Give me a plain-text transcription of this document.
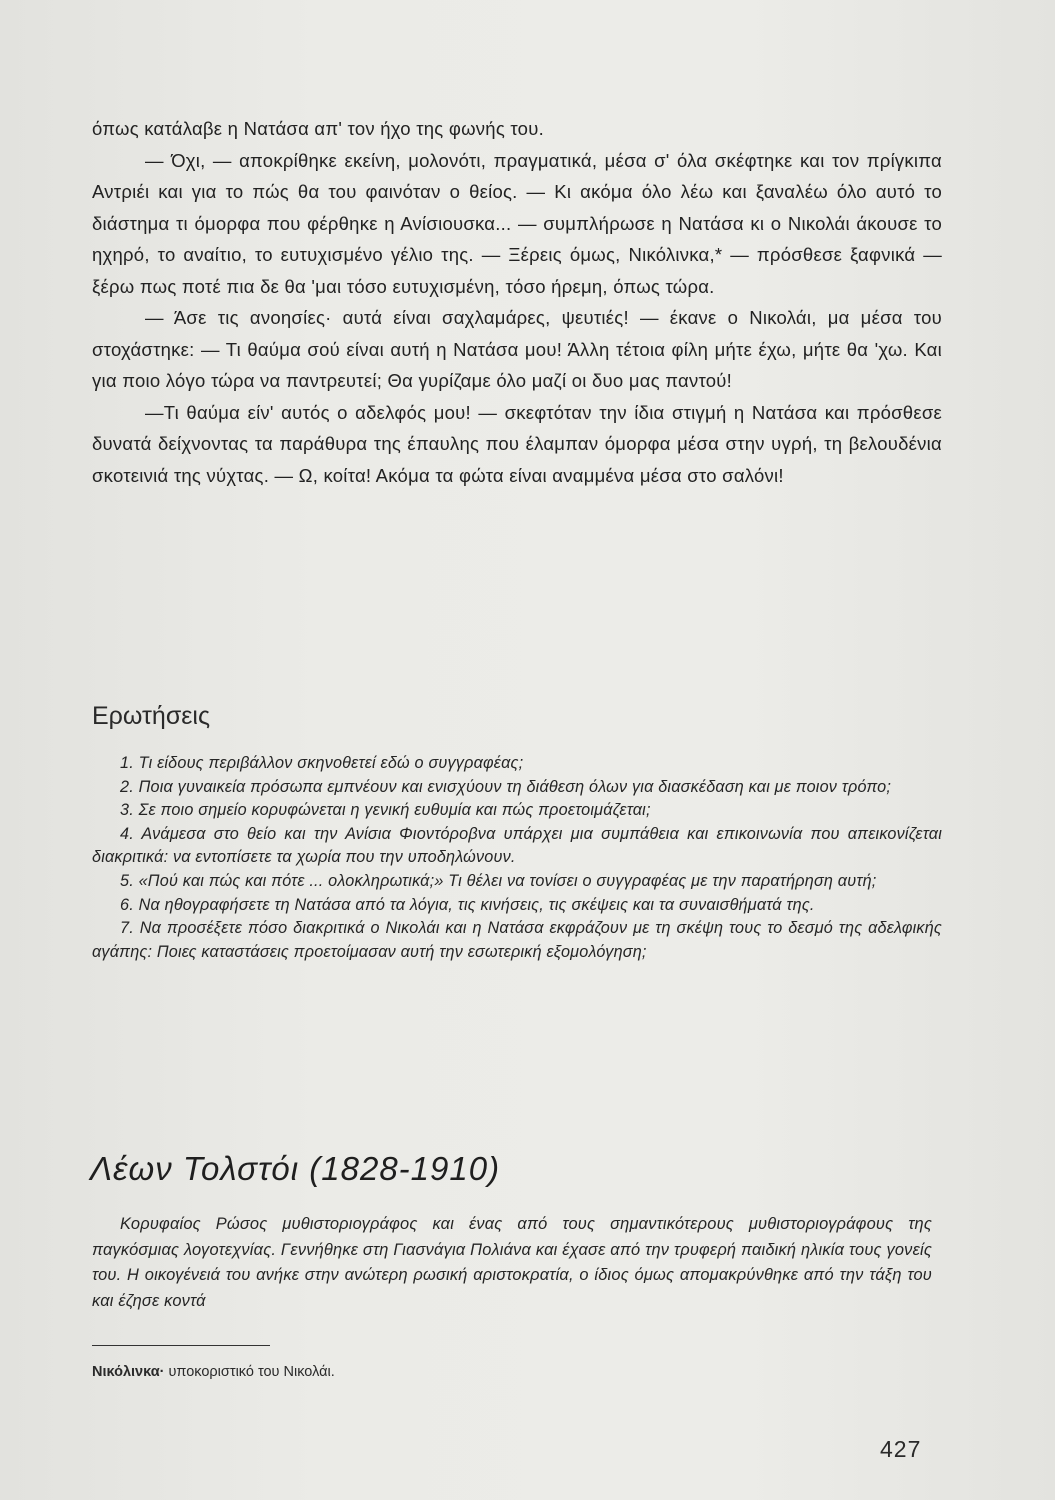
όπως κατάλαβε η Νατάσα απ' τον ήχο της φωνής του.

— Όχι, — αποκρίθηκε εκείνη, μολονότι, πραγματικά, μέσα σ' όλα σκέφτηκε και τον πρίγκιπα Αντριέι και για το πώς θα του φαινόταν ο θείος. — Κι ακόμα όλο λέω και ξαναλέω όλο αυτό το διάστημα τι όμορφα που φέρθηκε η Ανίσιουσκα... — συμπλήρωσε η Νατάσα κι ο Νικολάι άκουσε το ηχηρό, το αναίτιο, το ευτυχισμένο γέλιο της. — Ξέρεις όμως, Νικόλινκα,* — πρόσθεσε ξαφνικά — ξέρω πως ποτέ πια δε θα 'μαι τόσο ευτυχισμένη, τόσο ήρεμη, όπως τώρα.

— Άσε τις ανοησίες· αυτά είναι σαχλαμάρες, ψευτιές! — έκανε ο Νικολάι, μα μέσα του στοχάστηκε: — Τι θαύμα σού είναι αυτή η Νατάσα μου! Άλλη τέτοια φίλη μήτε έχω, μήτε θα 'χω. Και για ποιο λόγο τώρα να παντρευτεί; Θα γυρίζαμε όλο μαζί οι δυο μας παντού!

—Τι θαύμα είν' αυτός ο αδελφός μου! — σκεφτόταν την ίδια στιγμή η Νατάσα και πρόσθεσε δυνατά δείχνοντας τα παράθυρα της έπαυλης που έλαμπαν όμορφα μέσα στην υγρή, τη βελουδένια σκοτεινιά της νύχτας. — Ω, κοίτα! Ακόμα τα φώτα είναι αναμμένα μέσα στο σαλόνι!

Ερωτήσεις
1. Τι είδους περιβάλλον σκηνοθετεί εδώ ο συγγραφέας;
2. Ποια γυναικεία πρόσωπα εμπνέουν και ενισχύουν τη διάθεση όλων για διασκέδαση και με ποιον τρόπο;
3. Σε ποιο σημείο κορυφώνεται η γενική ευθυμία και πώς προετοιμάζεται;
4. Ανάμεσα στο θείο και την Ανίσια Φιοντόροβνα υπάρχει μια συμπάθεια και επικοινωνία που απεικονίζεται διακριτικά: να εντοπίσετε τα χωρία που την υποδηλώνουν.
5. «Πού και πώς και πότε ... ολοκληρωτικά;» Τι θέλει να τονίσει ο συγγραφέας με την παρατήρηση αυτή;
6. Να ηθογραφήσετε τη Νατάσα από τα λόγια, τις κινήσεις, τις σκέψεις και τα συναισθήματά της.
7. Να προσέξετε πόσο διακριτικά ο Νικολάι και η Νατάσα εκφράζουν με τη σκέψη τους το δεσμό της αδελφικής αγάπης: Ποιες καταστάσεις προετοίμασαν αυτή την εσωτερική εξομολόγηση;
Λέων Τολστόι (1828-1910)

Κορυφαίος Ρώσος μυθιστοριογράφος και ένας από τους σημαντικότερους μυθιστοριογράφους της παγκόσμιας λογοτεχνίας. Γεννήθηκε στη Γιασνάγια Πολιάνα και έχασε από την τρυφερή παιδική ηλικία τους γονείς του. Η οικογένειά του ανήκε στην ανώτερη ρωσική αριστοκρατία, ο ίδιος όμως απομακρύνθηκε από την τάξη του και έζησε κοντά

Νικόλινκα· υποκοριστικό του Νικολάι.

427
